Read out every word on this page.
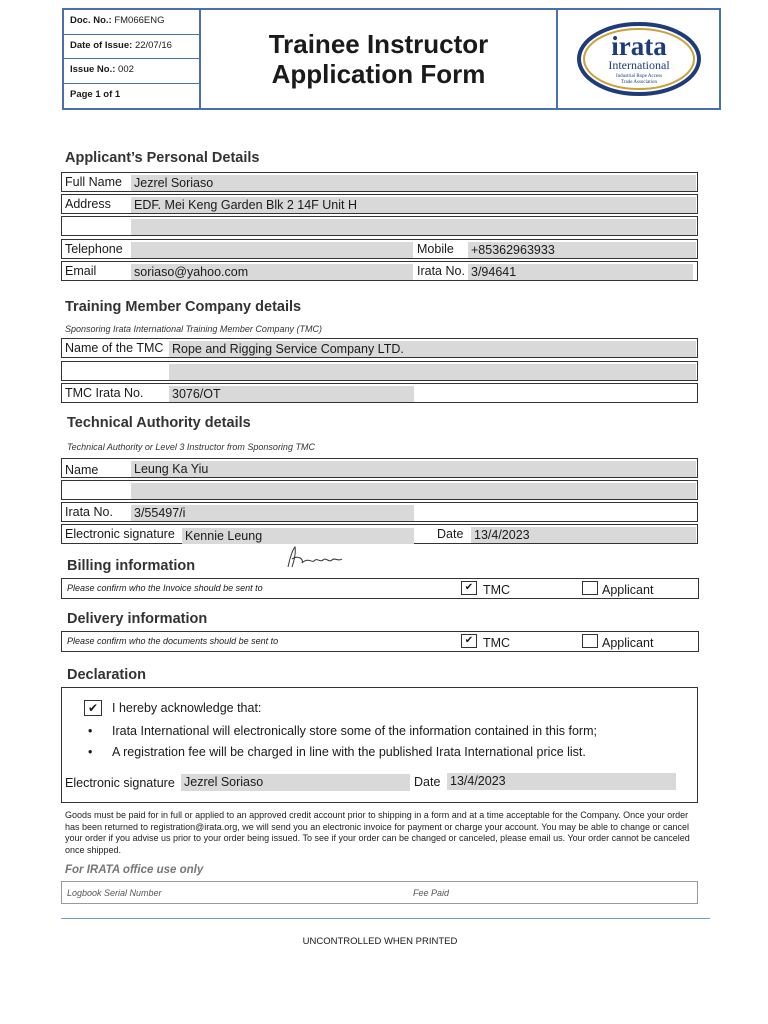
Doc. No.: FM066ENG
Date of Issue: 22/07/16
Issue No.: 002
Page 1 of 1
Trainee Instructor
Application Form
irata
International
Industrial Rope Access
Trade Association
Applicant’s Personal Details
Full Name Jezrel Soriaso
Address EDF. Mei Keng Garden Blk 2 14F Unit H
Telephone	Mobile +85362963933
Email	soriaso@yahoo.com	Irata No. 3/94641
Training Member Company details
Sponsoring Irata International Training Member Company (TMC)
Name of the TMC Rope and Rigging Service Company LTD.
TMC Irata No. 3076/OT
Technical Authority details
Technical Authority or Level 3 Instructor from Sponsoring TMC
Name	Leung Ka Yiu
Irata No. 3/55497/i
Electronic signature Kennie Leung	Date 13/4/2023
Billing information
Please confirm who the Invoice should be sent to	✔ TMC	Applicant
Delivery information
Please confirm who the documents should be sent to	✔ TMC	Applicant
Declaration
✔	I hereby acknowledge that:
• Irata International will electronically store some of the information contained in this form;
• A registration fee will be charged in line with the published Irata International price list.
Electronic signature Jezrel Soriaso	Date 13/4/2023
Goods must be paid for in full or applied to an approved credit account prior to shipping in a form and at a time acceptable for the Company. Once your order has been returned to registration@irata.org, we will send you an electronic invoice for payment or charge your account. You may be able to change or cancel your order if you advise us prior to your order being issued. To see if your order can be changed or canceled, please email us. Your order cannot be canceled once shipped.
For IRATA office use only
Logbook Serial Number	Fee Paid
UNCONTROLLED WHEN PRINTED
